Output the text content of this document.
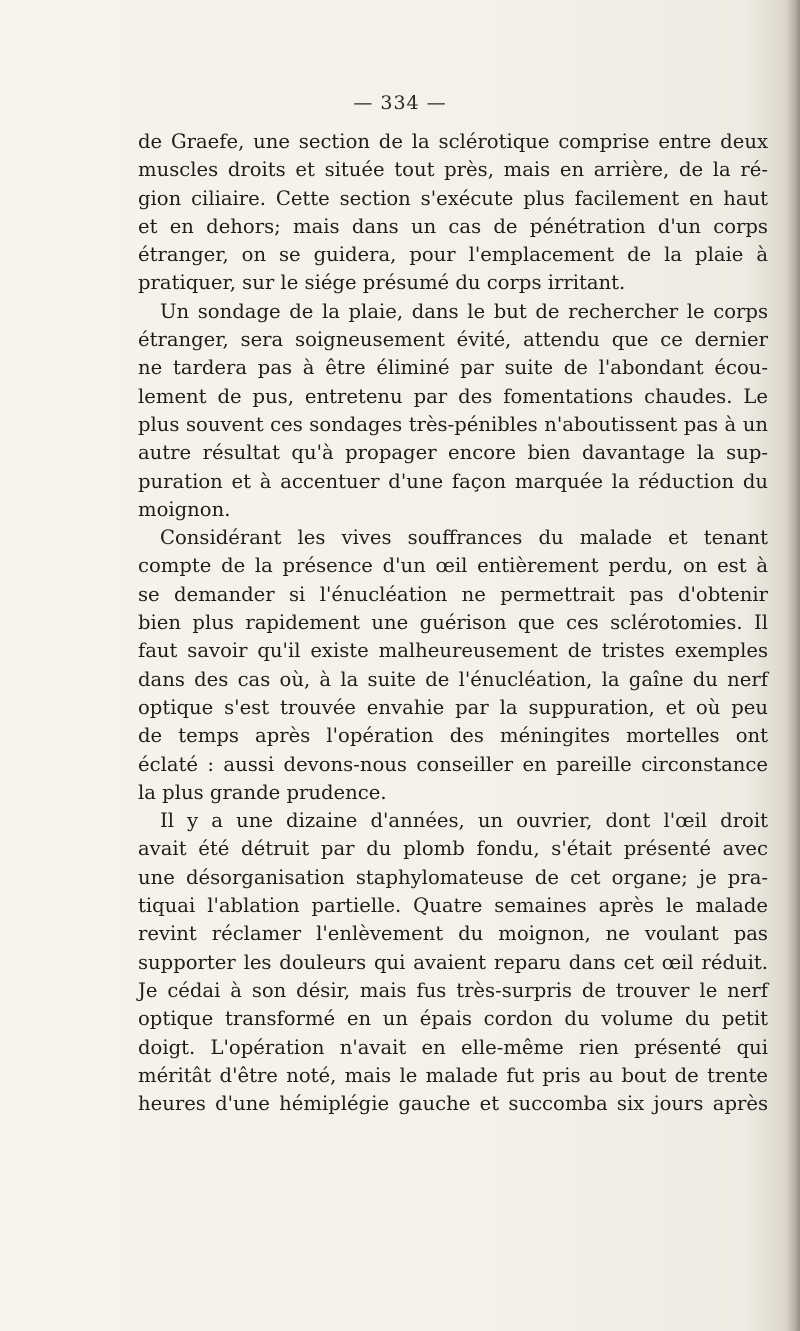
— 334 —
de Graefe, une section de la sclérotique comprise entre deux
muscles droits et située tout près, mais en arrière, de la ré-
gion ciliaire. Cette section s'exécute plus facilement en haut
et en dehors; mais dans un cas de pénétration d'un corps
étranger, on se guidera, pour l'emplacement de la plaie à
pratiquer, sur le siége présumé du corps irritant.
Un sondage de la plaie, dans le but de rechercher le corps
étranger, sera soigneusement évité, attendu que ce dernier
ne tardera pas à être éliminé par suite de l'abondant écou-
lement de pus, entretenu par des fomentations chaudes. Le
plus souvent ces sondages très-pénibles n'aboutissent pas à un
autre résultat qu'à propager encore bien davantage la sup-
puration et à accentuer d'une façon marquée la réduction du
moignon.
Considérant les vives souffrances du malade et tenant
compte de la présence d'un œil entièrement perdu, on est à
se demander si l'énucléation ne permettrait pas d'obtenir
bien plus rapidement une guérison que ces sclérotomies. Il
faut savoir qu'il existe malheureusement de tristes exemples
dans des cas où, à la suite de l'énucléation, la gaîne du nerf
optique s'est trouvée envahie par la suppuration, et où peu
de temps après l'opération des méningites mortelles ont
éclaté : aussi devons-nous conseiller en pareille circonstance
la plus grande prudence.
Il y a une dizaine d'années, un ouvrier, dont l'œil droit
avait été détruit par du plomb fondu, s'était présenté avec
une désorganisation staphylomateuse de cet organe; je pra-
tiquai l'ablation partielle. Quatre semaines après le malade
revint réclamer l'enlèvement du moignon, ne voulant pas
supporter les douleurs qui avaient reparu dans cet œil réduit.
Je cédai à son désir, mais fus très-surpris de trouver le nerf
optique transformé en un épais cordon du volume du petit
doigt. L'opération n'avait en elle-même rien présenté qui
méritât d'être noté, mais le malade fut pris au bout de trente
heures d'une hémiplégie gauche et succomba six jours après
